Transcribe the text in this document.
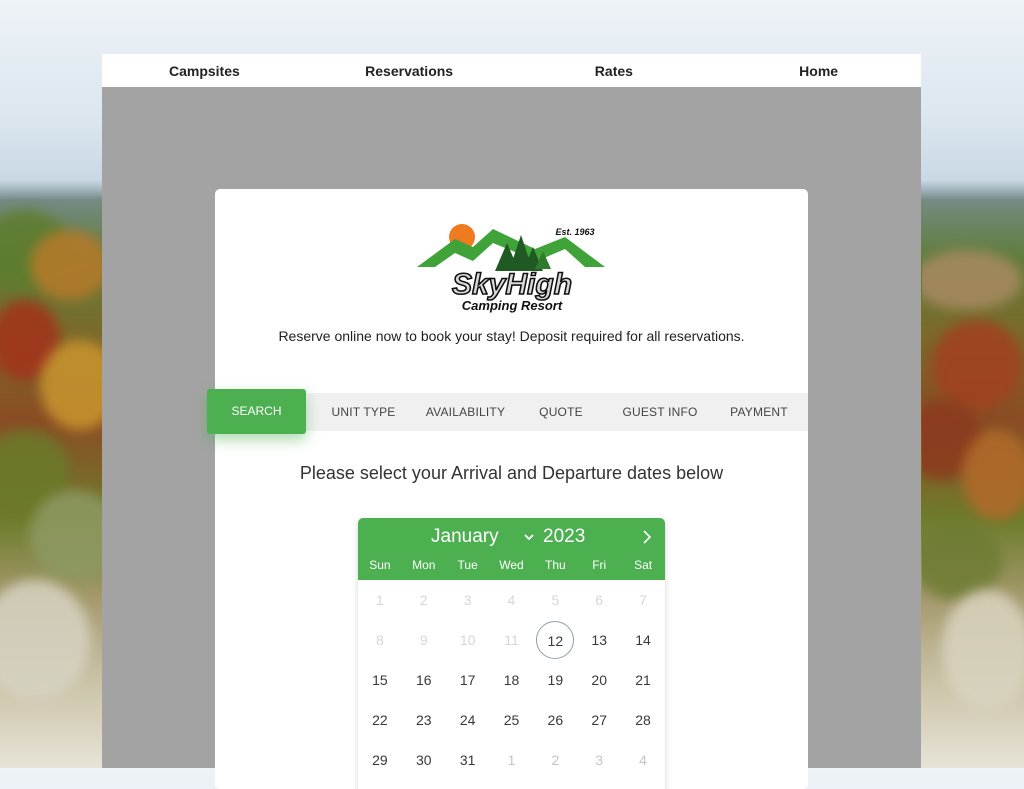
Campsites	Reservations	Rates	Home
Est. 1963
SkyHigh
Camping Resort
Reserve online now to book your stay! Deposit required for all reservations.
UNIT TYPE	AVAILABILITY	QUOTE	GUEST INFO	PAYMENT
Please select your Arrival and Departure dates below
January 2023
Sun	Mon	Tue	Wed	Thu	Fri	Sat
1	2	3	4	5	6	7
8	9	10	11	12	13	14
15	16	17	18	19	20	21
22	23	24	25	26	27	28
29	30	31	1	2	3	4
SEARCH
